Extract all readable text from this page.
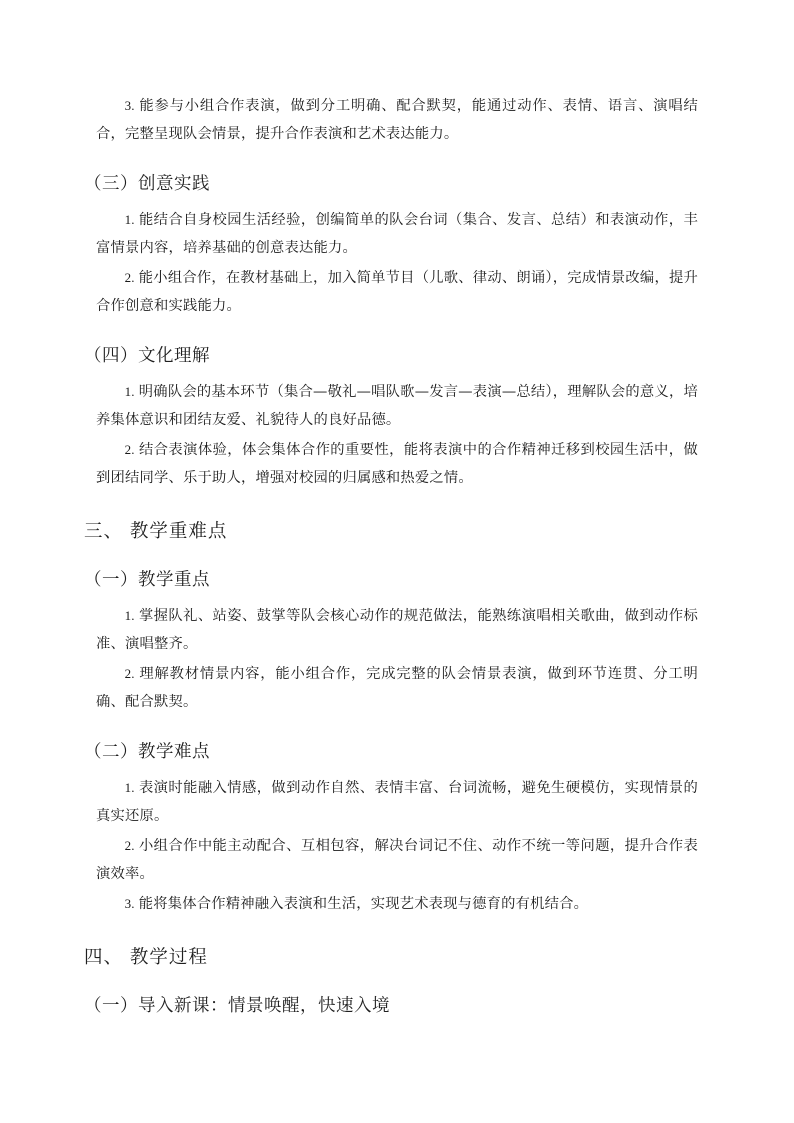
3. 能参与小组合作表演，做到分工明确、配合默契，能通过动作、表情、语言、演唱结合，完整呈现队会情景，提升合作表演和艺术表达能力。

（三）创意实践

1. 能结合自身校园生活经验，创编简单的队会台词（集合、发言、总结）和表演动作，丰富情景内容，培养基础的创意表达能力。

2. 能小组合作，在教材基础上，加入简单节目（儿歌、律动、朗诵），完成情景改编，提升合作创意和实践能力。

（四）文化理解

1. 明确队会的基本环节（集合—敬礼—唱队歌—发言—表演—总结），理解队会的意义，培养集体意识和团结友爱、礼貌待人的良好品德。

2. 结合表演体验，体会集体合作的重要性，能将表演中的合作精神迁移到校园生活中，做到团结同学、乐于助人，增强对校园的归属感和热爱之情。

三、 教学重难点
（一）教学重点

1. 掌握队礼、站姿、鼓掌等队会核心动作的规范做法，能熟练演唱相关歌曲，做到动作标准、演唱整齐。

2. 理解教材情景内容，能小组合作，完成完整的队会情景表演，做到环节连贯、分工明确、配合默契。

（二）教学难点

1. 表演时能融入情感，做到动作自然、表情丰富、台词流畅，避免生硬模仿，实现情景的真实还原。

2. 小组合作中能主动配合、互相包容，解决台词记不住、动作不统一等问题，提升合作表演效率。

3. 能将集体合作精神融入表演和生活，实现艺术表现与德育的有机结合。

四、 教学过程
（一）导入新课：情景唤醒，快速入境
